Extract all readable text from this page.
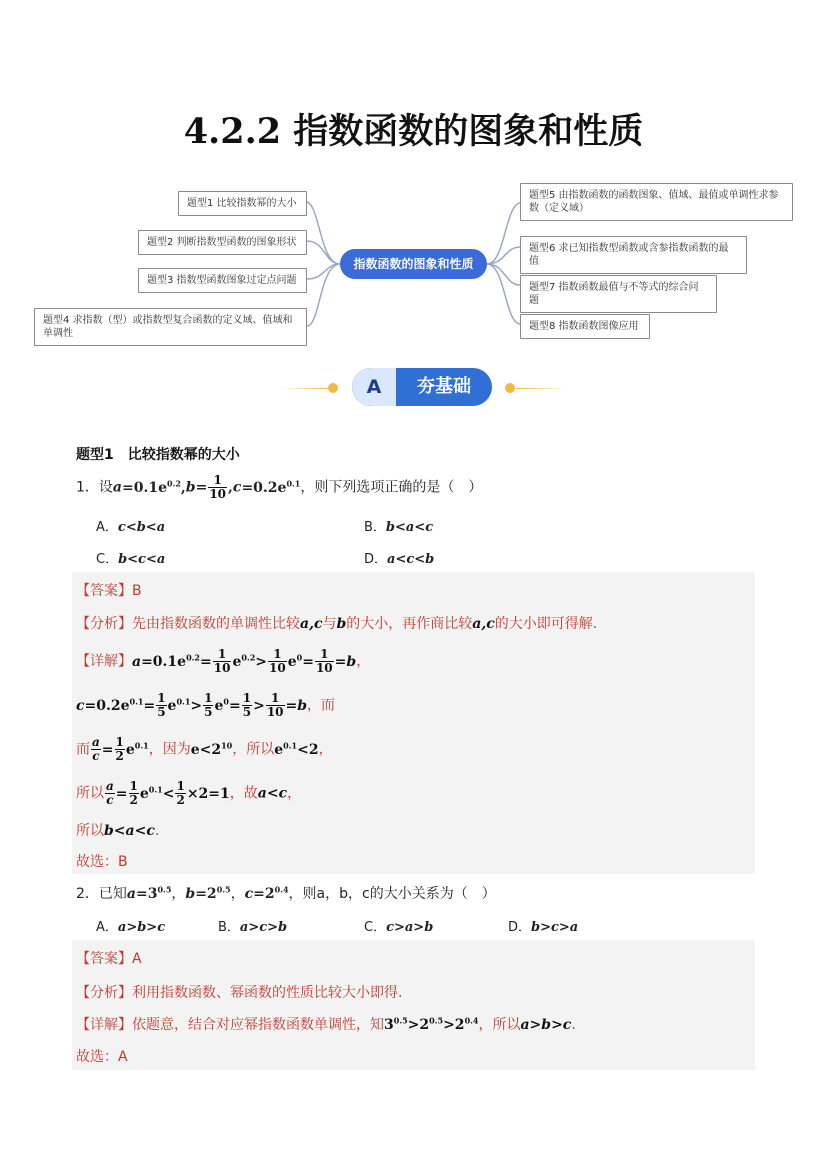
4.2.2 指数函数的图象和性质
题型1 比较指数幂的大小
题型2 判断指数型函数的图象形状
题型3 指数型函数图象过定点问题
题型4 求指数（型）或指数型复合函数的定义域、值域和单调性
指数函数的图象和性质
题型5 由指数函数的函数图象、值域、最值或单调性求参数（定义域）
题型6 求已知指数型函数或含参指数函数的最值
题型7 指数函数最值与不等式的综合问题
题型8 指数函数图像应用
A	夯基础
题型1　比较指数幂的大小
1．设$a=0.1e^{0.2},b= \frac{1}{10} ,c=0.2e^{0.1}$，则下列选项正确的是（　）
A．c<b<a	B．b<a<c
C．b<c<a	D．a<c<b
【答案】B
【分析】先由指数函数的单调性比较a,c与b的大小，再作商比较a,c的大小即可得解.
【详解】$a=0.1e^{0.2}= \frac{1}{10} e^{0.2}> \frac{1}{10} e^0= \frac{1}{10} =b$，
$c=0.2e^{0.1}= \frac{1}{5} e^{0.1}> \frac{1}{5} e^0= \frac{1}{5} > \frac{1}{10} =b$，而
而 $\frac{a}{c} = \frac{1}{2} e^{0.1}$，因为$e<2^{10}$，所以$e^{0.1}<2$，
所以 $\frac{a}{c} = \frac{1}{2} e^{0.1}< \frac{1}{2} \times 2=1$，故a<c，
所以b<a<c.
故选：B
2．已知$a=3^{0.5}$，$b=2^{0.5}$，$c=2^{0.4}$，则a，b，c的大小关系为（　）
A．a>b>c	B．a>c>b	C．c>a>b	D．b>c>a
【答案】A
【分析】利用指数函数、幂函数的性质比较大小即得.
【详解】依题意，结合对应幂指数函数单调性，知$3^{0.5}>2^{0.5}>2^{0.4}$，所以a>b>c.
故选：A
